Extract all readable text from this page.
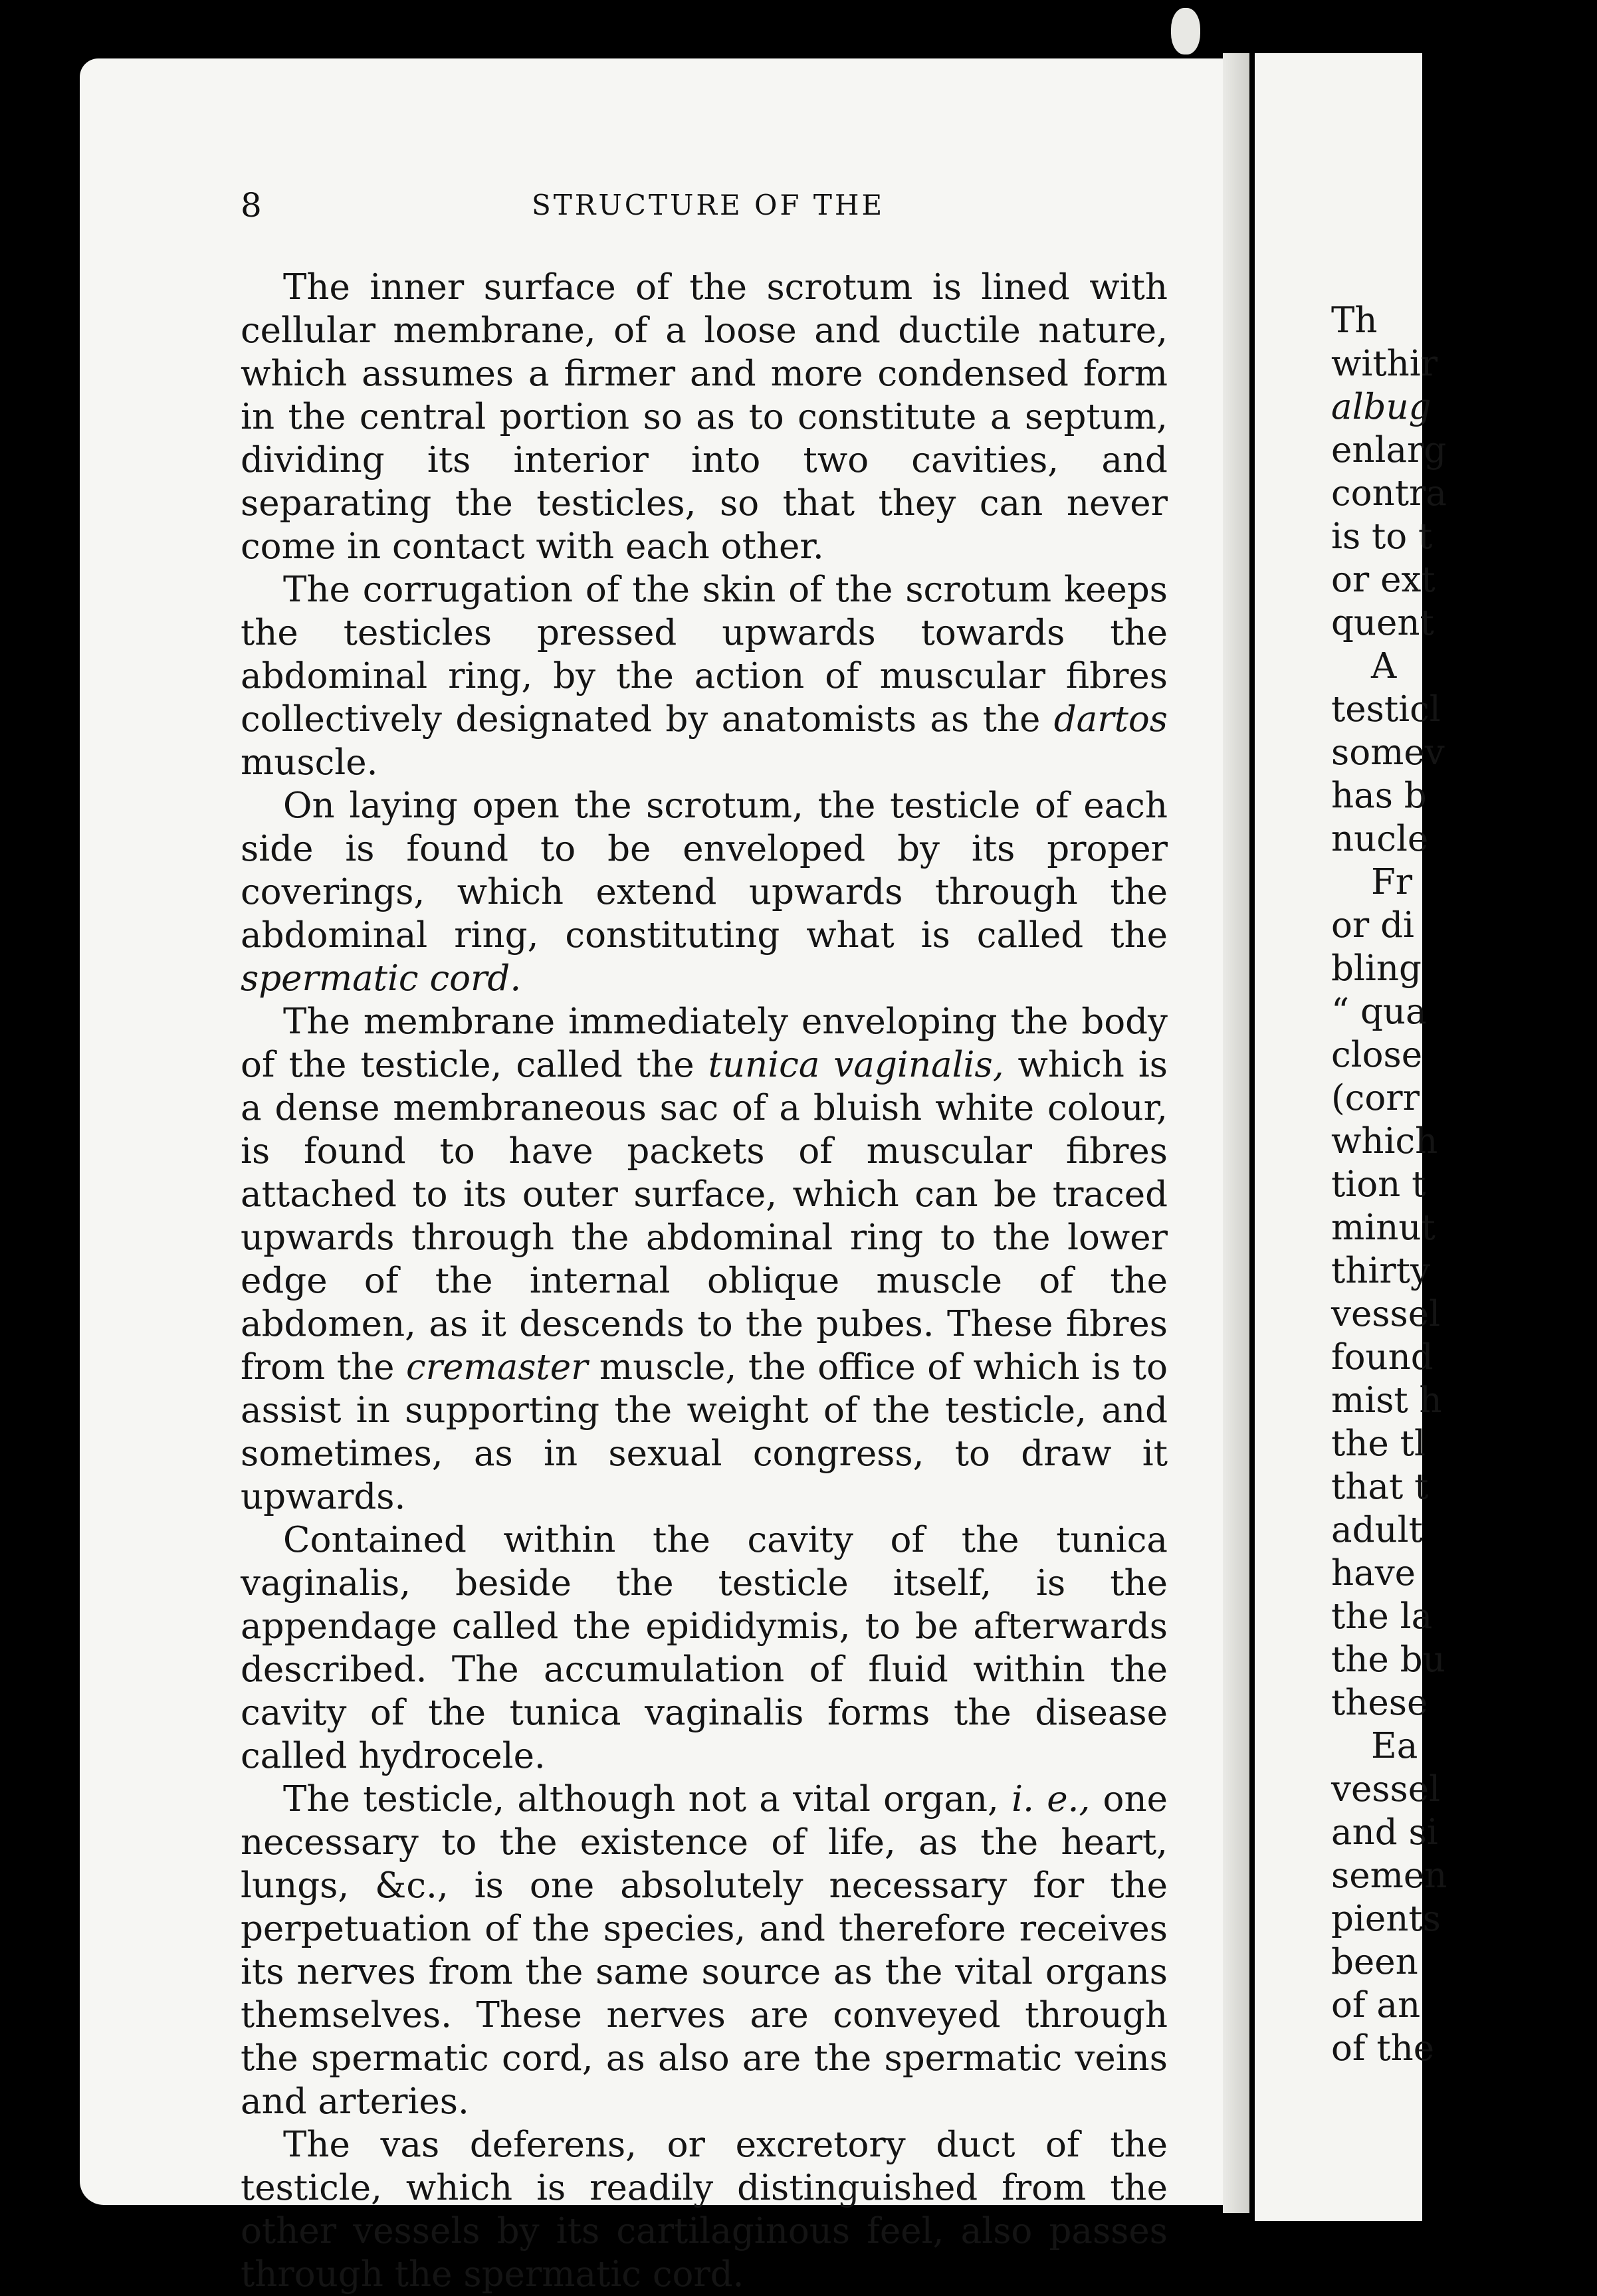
Th
withir
albug
enlarg
contra
is to t
or ext
quent
A
testicl
somev
has b
nucle
Fr
or di
bling
“ qua
close
(corr
which
tion t
minut
thirty
vessel
found
mist h
the tl
that t
adult
have
the la
the bu
these
Ea
vessel
and si
semen
pients
been
of an
of the
8	STRUCTURE OF THE

The inner surface of the scrotum is lined with cellular membrane, of a loose and ductile nature, which assumes a firmer and more condensed form in the central portion so as to constitute a septum, dividing its interior into two cavities, and separating the testicles, so that they can never come in contact with each other.

The corrugation of the skin of the scrotum keeps the testicles pressed upwards towards the abdominal ring, by the action of muscular fibres collectively designated by anatomists as the dartos muscle.

On laying open the scrotum, the testicle of each side is found to be enveloped by its proper coverings, which extend upwards through the abdominal ring, constituting what is called the spermatic cord.

The membrane immediately enveloping the body of the testicle, called the tunica vaginalis, which is a dense membraneous sac of a bluish white colour, is found to have packets of muscular fibres attached to its outer surface, which can be traced upwards through the abdominal ring to the lower edge of the internal oblique muscle of the abdomen, as it descends to the pubes. These fibres from the cremaster muscle, the office of which is to assist in supporting the weight of the testicle, and sometimes, as in sexual congress, to draw it upwards.

Contained within the cavity of the tunica vaginalis, beside the testicle itself, is the appendage called the epididymis, to be afterwards described. The accumulation of fluid within the cavity of the tunica vaginalis forms the disease called hydrocele.

The testicle, although not a vital organ, i. e., one necessary to the existence of life, as the heart, lungs, &c., is one absolutely necessary for the perpetuation of the species, and therefore receives its nerves from the same source as the vital organs themselves. These nerves are conveyed through the spermatic cord, as also are the spermatic veins and arteries.

The vas deferens, or excretory duct of the testicle, which is readily distinguished from the other vessels by its cartilaginous feel, also passes through the spermatic cord.
